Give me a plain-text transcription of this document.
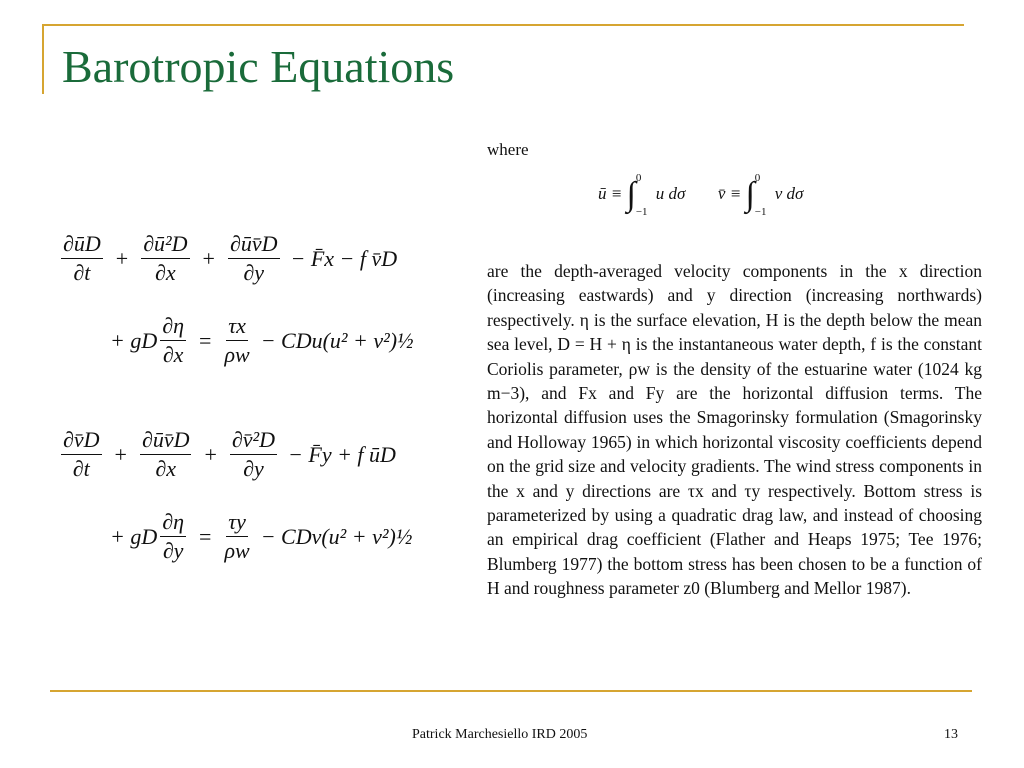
Barotropic Equations
$\frac{\partial ūD}{\partial t} + \frac{\text{∂ū²D}}{\partial x} + \frac{\partial ūv̄D}{\partial y}$ − F̄x − f v̄D
+ gD $\frac{\partial\eta}{\partial x} = \frac{\tau x}{\rho w} - CDu(u^2$ + v²)½
$\frac{\partial v̄D}{\partial t} + \frac{\partial ūv̄D}{\partial x} + \frac{\text{∂v̄²D}}{\partial y}$ − F̄y + f ūD
+ gD $\frac{\partial\eta}{\partial y} = \frac{\tau y}{\rho w} - CDv(u^2$ + v²)½
where
ū ≡ ∫ 0
−1
u dσ v̄ ≡ ∫ 0
−1
v dσ
are the depth-averaged velocity components in the x direction (increasing eastwards) and y direction (increasing northwards) respectively. η is the surface elevation, H is the depth below the mean sea level, D = H + η is the instantaneous water depth, f is the constant Coriolis parameter, ρw is the density of the estuarine water (1024 kg m−3), and Fx and Fy are the horizontal diffusion terms. The horizontal diffusion uses the Smagorinsky formulation (Smagorinsky and Holloway 1965) in which horizontal viscosity coefficients depend on the grid size and velocity gradients. The wind stress components in the x and y directions are τx and τy respectively. Bottom stress is parameterized by using a quadratic drag law, and instead of choosing an empirical drag coefficient (Flather and Heaps 1975; Tee 1976; Blumberg 1977) the bottom stress has been chosen to be a function of H and roughness parameter z0 (Blumberg and Mellor 1987).
Patrick Marchesiello IRD 2005	13
